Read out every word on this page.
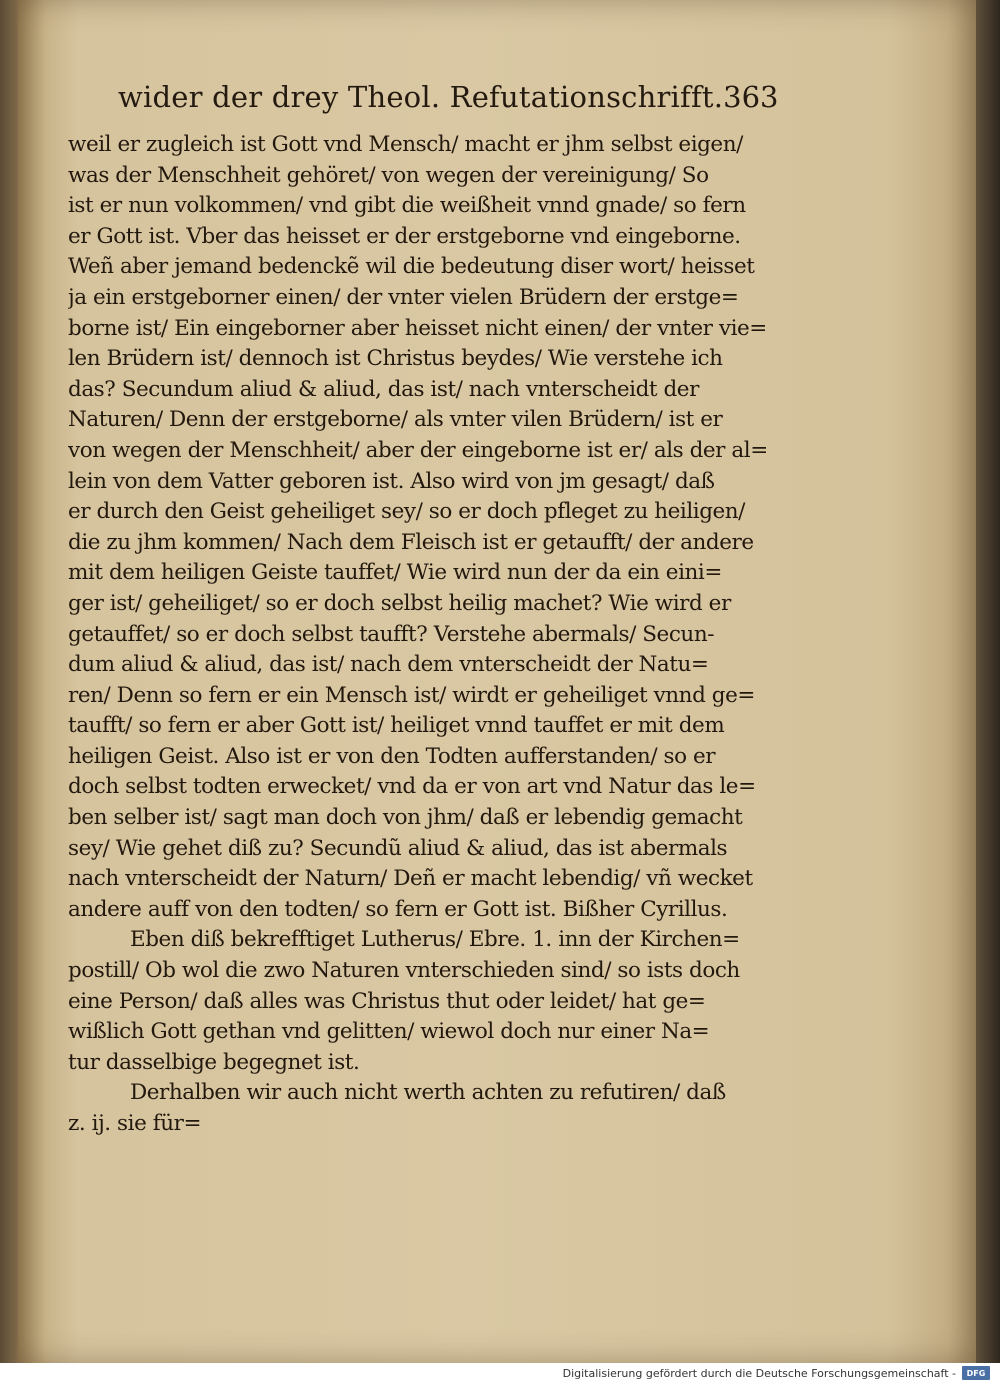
wider der drey Theol. Refutationschrifft. 363
weil er zugleich ist Gott vnd Mensch/ macht er jhm selbst eigen/
was der Menschheit gehöret/ von wegen der vereinigung/ So
ist er nun volkommen/ vnd gibt die weißheit vnnd gnade/ so fern
er Gott ist. Vber das heisset er der erstgeborne vnd eingeborne.
Weñ aber jemand bedenckẽ wil die bedeutung diser wort/ heisset
ja ein erstgeborner einen/ der vnter vielen Brüdern der erstge=
borne ist/ Ein eingeborner aber heisset nicht einen/ der vnter vie=
len Brüdern ist/ dennoch ist Christus beydes/ Wie verstehe ich
das? Secundum aliud & aliud, das ist/ nach vnterscheidt der
Naturen/ Denn der erstgeborne/ als vnter vilen Brüdern/ ist er
von wegen der Menschheit/ aber der eingeborne ist er/ als der al=
lein von dem Vatter geboren ist. Also wird von jm gesagt/ daß
er durch den Geist geheiliget sey/ so er doch pfleget zu heiligen/
die zu jhm kommen/ Nach dem Fleisch ist er getaufft/ der andere
mit dem heiligen Geiste tauffet/ Wie wird nun der da ein eini=
ger ist/ geheiliget/ so er doch selbst heilig machet? Wie wird er
getauffet/ so er doch selbst taufft? Verstehe abermals/ Secun-
dum aliud & aliud, das ist/ nach dem vnterscheidt der Natu=
ren/ Denn so fern er ein Mensch ist/ wirdt er geheiliget vnnd ge=
taufft/ so fern er aber Gott ist/ heiliget vnnd tauffet er mit dem
heiligen Geist. Also ist er von den Todten aufferstanden/ so er
doch selbst todten erwecket/ vnd da er von art vnd Natur das le=
ben selber ist/ sagt man doch von jhm/ daß er lebendig gemacht
sey/ Wie gehet diß zu? Secundũ aliud & aliud, das ist abermals
nach vnterscheidt der Naturn/ Deñ er macht lebendig/ vñ wecket
andere auff von den todten/ so fern er Gott ist. Bißher Cyrillus.
Eben diß bekrefftiget Lutherus/ Ebre. 1. inn der Kirchen=
postill/ Ob wol die zwo Naturen vnterschieden sind/ so ists doch
eine Person/ daß alles was Christus thut oder leidet/ hat ge=
wißlich Gott gethan vnd gelitten/ wiewol doch nur einer Na=
tur dasselbige begegnet ist.
Derhalben wir auch nicht werth achten zu refutiren/ daß
z. ij. sie für=
Digitalisierung gefördert durch die Deutsche Forschungsgemeinschaft -	DFG
